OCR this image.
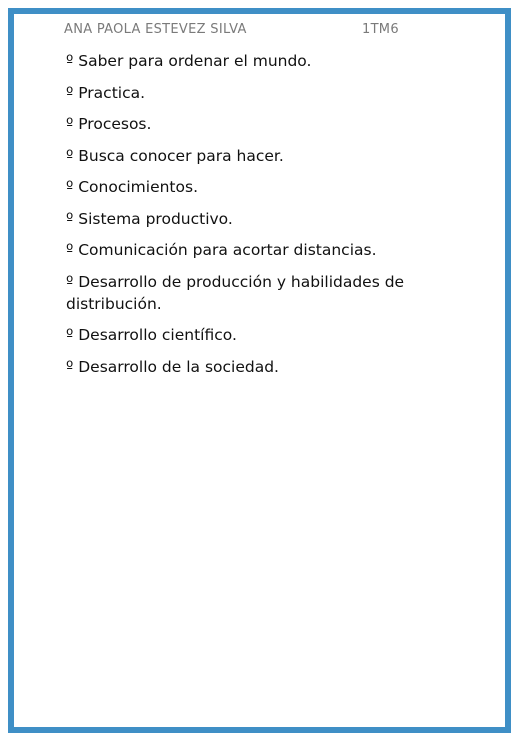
ANA PAOLA ESTEVEZ SILVA	1TM6

º Saber para ordenar el mundo.

º Practica.

º Procesos.

º Busca conocer para hacer.

º Conocimientos.

º Sistema productivo.

º Comunicación para acortar distancias.

º Desarrollo de producción y habilidades de distribución.

º Desarrollo científico.

º Desarrollo de la sociedad.
